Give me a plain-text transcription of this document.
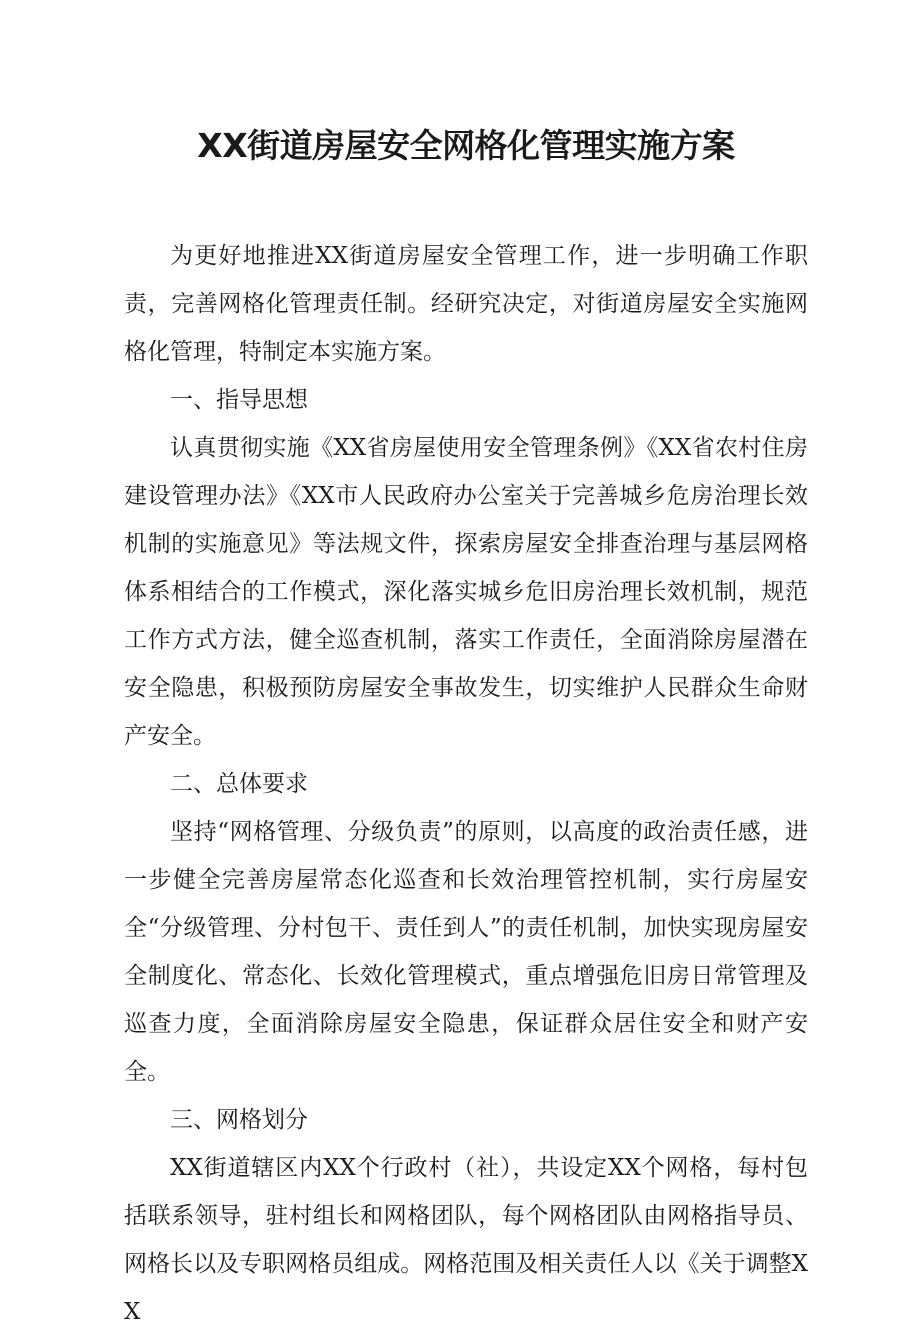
XX街道房屋安全网格化管理实施方案

为更好地推进XX街道房屋安全管理工作，进一步明确工作职责，完善网格化管理责任制。经研究决定，对街道房屋安全实施网格化管理，特制定本实施方案。

一、指导思想

认真贯彻实施《XX省房屋使用安全管理条例》《XX省农村住房建设管理办法》《XX市人民政府办公室关于完善城乡危房治理长效机制的实施意见》等法规文件，探索房屋安全排查治理与基层网格体系相结合的工作模式，深化落实城乡危旧房治理长效机制，规范工作方式方法，健全巡查机制，落实工作责任，全面消除房屋潜在安全隐患，积极预防房屋安全事故发生，切实维护人民群众生命财产安全。

二、总体要求

坚持“网格管理、分级负责”的原则，以高度的政治责任感，进一步健全完善房屋常态化巡查和长效治理管控机制，实行房屋安全“分级管理、分村包干、责任到人”的责任机制，加快实现房屋安全制度化、常态化、长效化管理模式，重点增强危旧房日常管理及巡查力度，全面消除房屋安全隐患，保证群众居住安全和财产安全。

三、网格划分

XX街道辖区内XX个行政村（社），共设定XX个网格，每村包括联系领导，驻村组长和网格团队，每个网格团队由网格指导员、网格长以及专职网格员组成。网格范围及相关责任人以《关于调整XX
